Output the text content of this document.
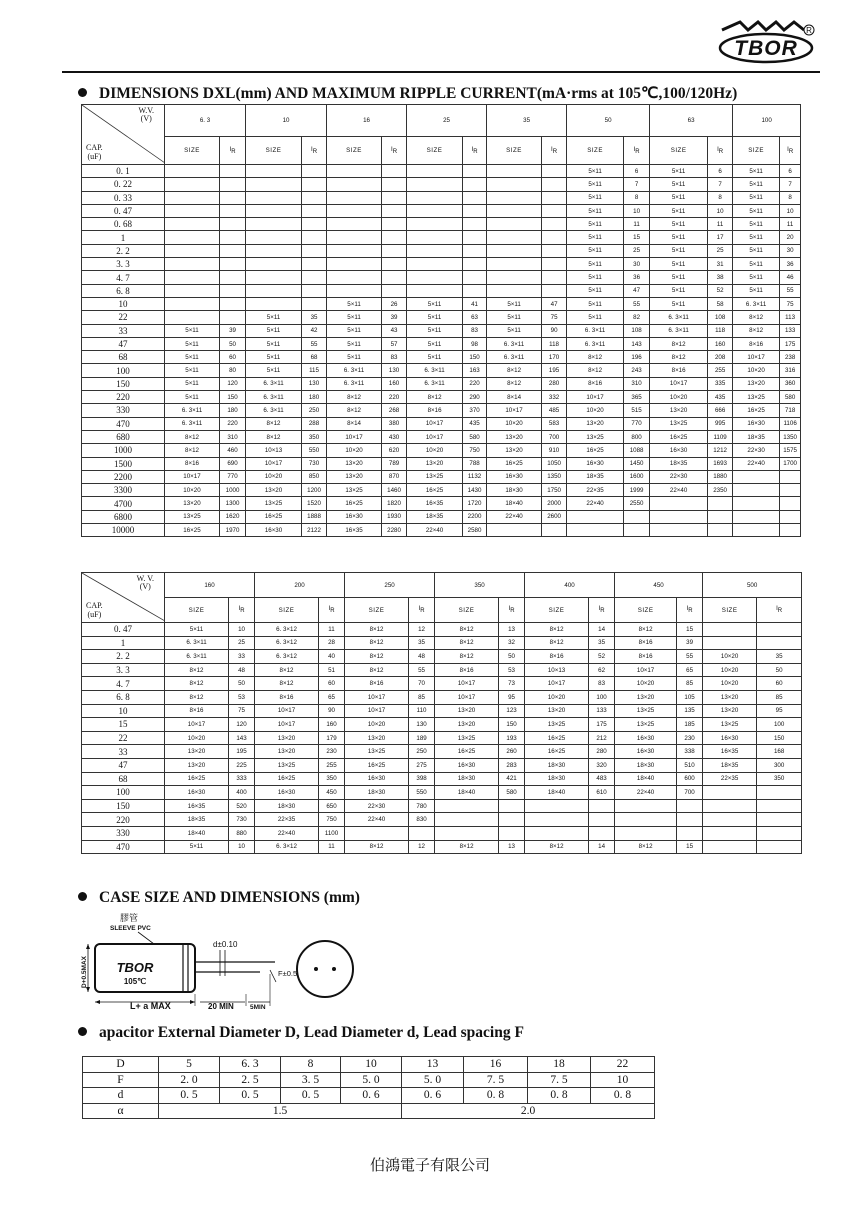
TBOR
R
DIMENSIONS DXL(mm) AND MAXIMUM RIPPLE CURRENT(mA·rms at 105℃,100/120Hz)
W.V.
(V)
CAP.
(uF)	6. 3		10		16		25		35		50		63		100	
	SIZE	$I_R$	SIZE	$I_R$	SIZE	$I_R$	SIZE	$I_R$	SIZE	$I_R$	SIZE	$I_R$	SIZE	$I_R$	SIZE	$I_R$
0. 1											5×11	6	5×11	6	5×11	6
0. 22											5×11	7	5×11	7	5×11	7
0. 33											5×11	8	5×11	8	5×11	8
0. 47											5×11	10	5×11	10	5×11	10
0. 68											5×11	11	5×11	11	5×11	11
1											5×11	15	5×11	17	5×11	20
2. 2											5×11	25	5×11	25	5×11	30
3. 3											5×11	30	5×11	31	5×11	36
4. 7											5×11	36	5×11	38	5×11	46
6. 8											5×11	47	5×11	52	5×11	55
10					5×11	26	5×11	41	5×11	47	5×11	55	5×11	58	6. 3×11	75
22			5×11	35	5×11	39	5×11	63	5×11	75	5×11	82	6. 3×11	108	8×12	113
33	5×11	39	5×11	42	5×11	43	5×11	83	5×11	90	6. 3×11	108	6. 3×11	118	8×12	133
47	5×11	50	5×11	55	5×11	57	5×11	98	6. 3×11	118	6. 3×11	143	8×12	160	8×16	175
68	5×11	60	5×11	68	5×11	83	5×11	150	6. 3×11	170	8×12	196	8×12	208	10×17	238
100	5×11	80	5×11	115	6. 3×11	130	6. 3×11	163	8×12	195	8×12	243	8×16	255	10×20	316
150	5×11	120	6. 3×11	130	6. 3×11	160	6. 3×11	220	8×12	280	8×16	310	10×17	335	13×20	360
220	5×11	150	6. 3×11	180	8×12	220	8×12	290	8×14	332	10×17	365	10×20	435	13×25	580
330	6. 3×11	180	6. 3×11	250	8×12	268	8×16	370	10×17	485	10×20	515	13×20	666	16×25	718
470	6. 3×11	220	8×12	288	8×14	380	10×17	435	10×20	583	13×20	770	13×25	995	16×30	1106
680	8×12	310	8×12	350	10×17	430	10×17	580	13×20	700	13×25	800	16×25	1109	18×35	1350
1000	8×12	460	10×13	550	10×20	620	10×20	750	13×20	910	16×25	1088	16×30	1212	22×30	1575
1500	8×16	690	10×17	730	13×20	789	13×20	788	16×25	1050	16×30	1450	18×35	1693	22×40	1700
2200	10×17	770	10×20	850	13×20	870	13×25	1132	16×30	1350	18×35	1600	22×30	1880		
3300	10×20	1000	13×20	1200	13×25	1460	16×25	1430	18×30	1750	22×35	1999	22×40	2350		
4700	13×20	1300	13×25	1520	16×25	1820	16×35	1720	18×40	2000	22×40	2550				
6800	13×25	1620	16×25	1888	16×30	1930	18×35	2200	22×40	2600						
10000	16×25	1970	16×30	2122	16×35	2280	22×40	2580								
W. V.
(V)
CAP.
(uF)	160		200		250		350		400		450		500	
	SIZE	$I_R$	SIZE	$I_R$	SIZE	$I_R$	SIZE	$I_R$	SIZE	$I_R$	SIZE	$I_R$	SIZE	$I_R$
0. 47	5×11	10	6. 3×12	11	8×12	12	8×12	13	8×12	14	8×12	15		
1	6. 3×11	25	6. 3×12	28	8×12	35	8×12	32	8×12	35	8×16	39		
2. 2	6. 3×11	33	6. 3×12	40	8×12	48	8×12	50	8×16	52	8×16	55	10×20	35
3. 3	8×12	48	8×12	51	8×12	55	8×16	53	10×13	62	10×17	65	10×20	50
4. 7	8×12	50	8×12	60	8×16	70	10×17	73	10×17	83	10×20	85	10×20	60
6. 8	8×12	53	8×16	65	10×17	85	10×17	95	10×20	100	13×20	105	13×20	85
10	8×16	75	10×17	90	10×17	110	13×20	123	13×20	133	13×25	135	13×20	95
15	10×17	120	10×17	160	10×20	130	13×20	150	13×25	175	13×25	185	13×25	100
22	10×20	143	13×20	179	13×20	189	13×25	193	16×25	212	16×30	230	16×30	150
33	13×20	195	13×20	230	13×25	250	16×25	260	16×25	280	16×30	338	16×35	168
47	13×20	225	13×25	255	16×25	275	16×30	283	18×30	320	18×30	510	18×35	300
68	16×25	333	16×25	350	16×30	398	18×30	421	18×30	483	18×40	600	22×35	350
100	16×30	400	16×30	450	18×30	550	18×40	580	18×40	610	22×40	700		
150	16×35	520	18×30	650	22×30	780								
220	18×35	730	22×35	750	22×40	830								
330	18×40	880	22×40	1100										
470	5×11	10	6. 3×12	11	8×12	12	8×12	13	8×12	14	8×12	15		
CASE SIZE AND DIMENSIONS (mm)
膠管
SLEEVE PVC
TBOR
105℃
d±0.10
F±0.5
D+0.5MAX
L+ a MAX	20 MIN 5MIN
apacitor External Diameter D, Lead Diameter d, Lead spacing F
D	5	6. 3	8	10	13	16	18	22
F	2. 0	2. 5	3. 5	5. 0	5. 0	7. 5	7. 5	10
d	0. 5	0. 5	0. 5	0. 6	0. 6	0. 8	0. 8	0. 8
α	1.5				2.0			
伯鴻電子有限公司
